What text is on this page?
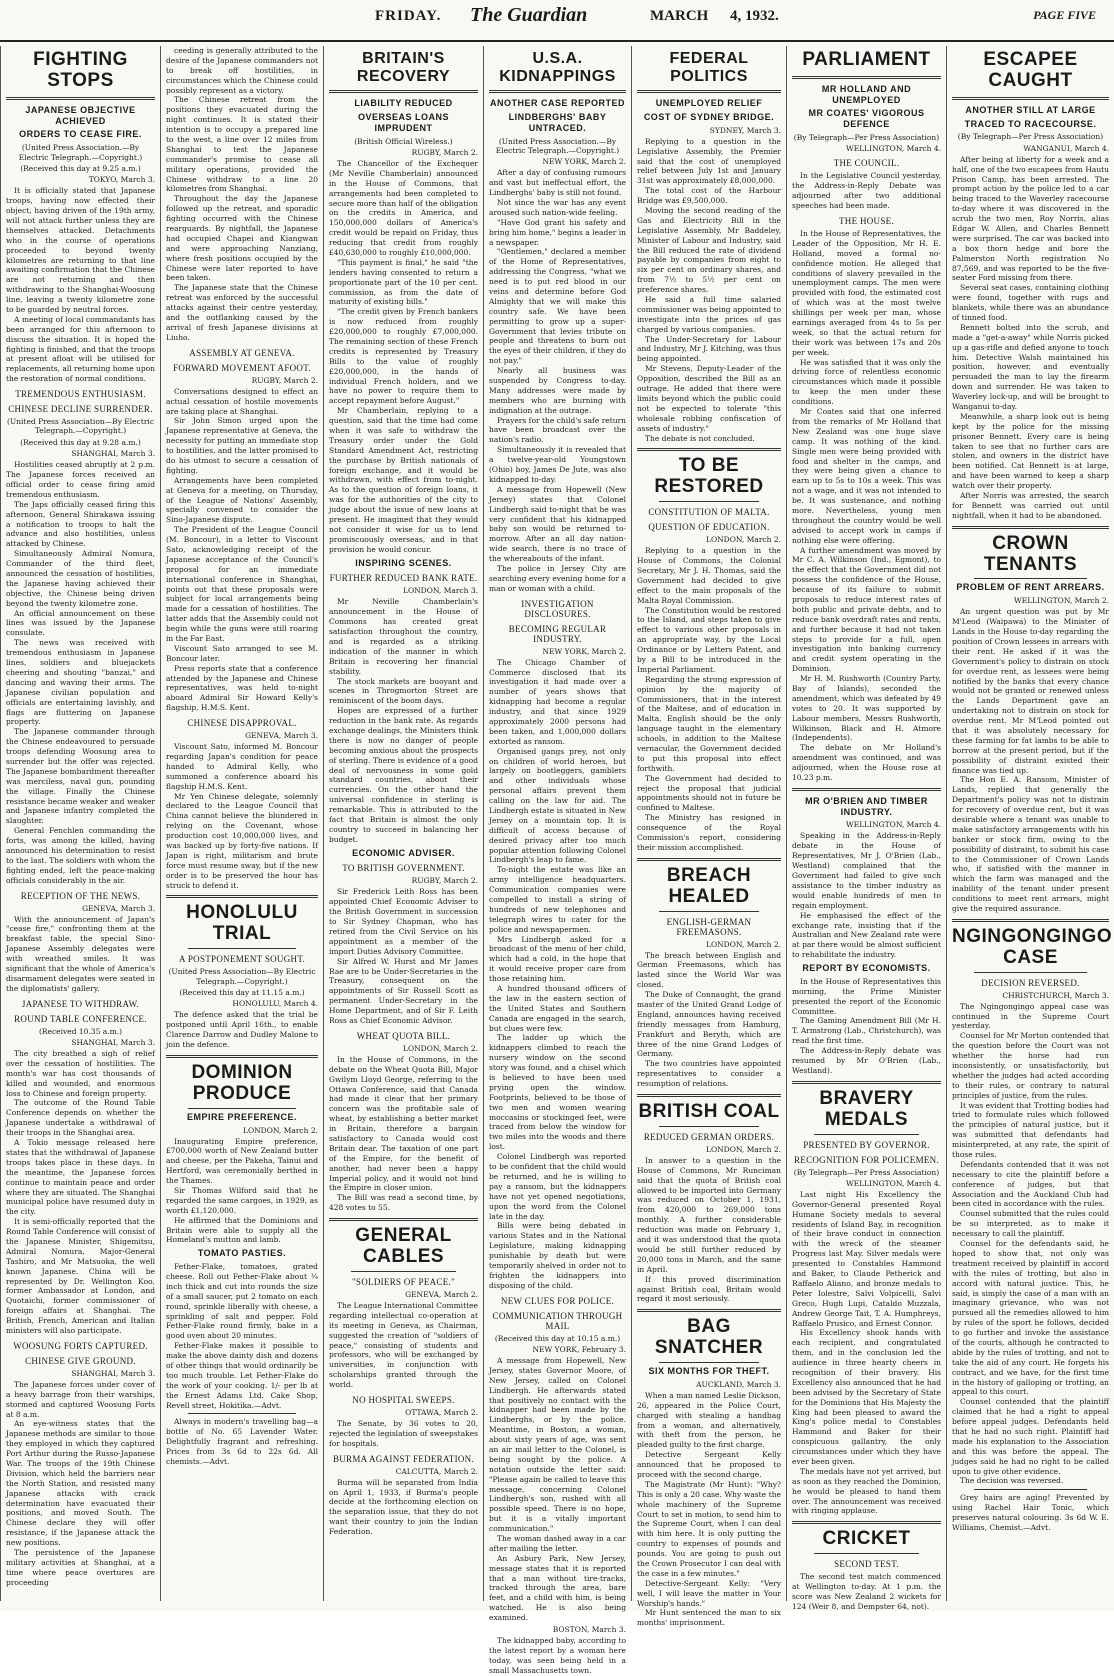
FRIDAY. The Guardian	MARCH 4, 1932.	PAGE FIVE
FIGHTING STOPS
JAPANESE OBJECTIVE ACHIEVED
ORDERS TO CEASE FIRE.
(United Press Association.—By Electric Telegraph.—Copyright.)
(Received this day at 9.25 a.m.)
TOKYO, March 3.

It is officially stated that Japanese troops, having now effected their object, having driven of the 19th army, will not attack further unless they are themselves attacked. Detachments who in the course of operations proceeded to beyond twenty kilometres are returning to that line awaiting confirmation that the Chinese are not returning and then withdrawing to the Shanghai-Woosung line, leaving a twenty kilometre zone to be guarded by neutral forces.

A meeting of local commandants has been arranged for this afternoon to discuss the situation. It is hoped the fighting is finished, and that the troops at present afloat will be utilised for replacements, all returning home upon the restoration of normal conditions.

TREMENDOUS ENTHUSIASM.
CHINESE DECLINE SURRENDER.
(United Press Association—By Electric Telegraph.—Copyright.)
(Received this day at 9.28 a.m.)
SHANGHAI, March 3.

Hostilities ceased abruptly at 2 p.m. The Japanese forces received an official order to cease firing amid tremendous enthusiasm.

The Japs officially ceased firing this afternoon, General Shirakawa issuing a notification to troops to halt the advance and also hostilities, unless attacked by Chinese.

Simultaneously Admiral Nomura, Commander of the third fleet, announced the cessation of hostilities, the Japanese having achieved their objective, the Chinese being driven beyond the twenty kilometre zone.

An official announcement on these lines was issued by the Japanese consulate.

The news was received with tremendous enthusiasm in Japanese lines, soldiers and bluejackets cheering and shouting "banzai," and dancing and waving their arms. The Japanese civilian population and officials are entertaining lavishly, and flags are fluttering on Japanese property.

The Japanese commander through the Chinese endeavoured to persuade troops defending Woosung area to surrender but the offer was rejected. The Japanese bombardment thereafter was merciless, naval gun, pounding the village. Finally the Chinese resistance became weaker and weaker and Japanese infantry completed the slaughter.

General Fenchlen commanding the forts, was among the killed, having announced his determination to resist to the last. The soldiers with whom the fighting ended, left the peace-making officials considerably in the air.

RECEPTION OF THE NEWS.
GENEVA, March 3.

With the announcement of Japan's "cease fire," confronting them at the breakfast table, the special Sino-Japanese Assembly delegates were with wreathed smiles. It was significant that the whole of America's disarmament delegates were seated in the diplomatists' gallery.

JAPANESE TO WITHDRAW.
ROUND TABLE CONFERENCE.
(Received 10.35 a.m.)
SHANGHAI, March 3.

The city breathed a sigh of relief over the cessation of hostilities. The month's war has cost thousands of killed and wounded, and enormous loss to Chinese and foreign property.

The outcome of the Round Table Conference depends on whether the Japanese undertake a withdrawal of their troops in the Shanghai area.

A Tokio message released here states that the withdrawal of Japanese troops takes place in these days. In the meantime, the Japanese forces continue to maintain peace and order where they are situated. The Shanghai municipal police have resumed duty in the city.

It is semi-officially reported that the Round Table Conference will consist of the Japanese Minister, Shigemitsu, Admiral Nomura, Major-General Tashiro, and Mr Matsuoka, the well known Japanese. China will be represented by Dr. Wellington Koo, former Ambassador at London, and Quotaichi, former commissioner of foreign affairs at Shanghai. The British, French, American and Italian ministers will also participate.

WOOSUNG FORTS CAPTURED.
CHINESE GIVE GROUND.
SHANGHAI, March 3.

The Japanese forces under cover of a heavy barrage from their warships, stormed and captured Woosung Forts at 8 a.m.

An eye-witness states that the Japanese methods are similar to those they employed in which they captured Port Arthur during the Russo-Japanese War. The troops of the 19th Chinese Division, which held the barriers near the North Station, and resisted many Japanese attacks with crack determination have evacuated their positions, and moved South. The Chinese declare they will offer resistance, if the Japanese attack the new positions.

The persistence of the Japanese military activities at Shanghai, at a time where peace overtures are proceeding

ceeding is generally attributed to the desire of the Japanese commanders not to break off hostilities, in circumstances which the Chinese could possibly represent as a victory.

The Chinese retreat from the positions they evacuated during the night continues. It is stated their intention is to occupy a prepared line to the west, a line over 12 miles from Shanghai to test the Japanese commander's promise to cease all military operations, provided the Chinese withdraw to a line 20 kilometres from Shanghai.

Throughout the day the Japanese followed up the retreat, and sporadic fighting occurred with the Chinese rearguards. By nightfall, the Japanese had occupied Chapei and Kiangwan and were approaching Nanziang, where fresh positions occupied by the Chinese were later reported to have been taken.

The Japanese state that the Chinese retreat was enforced by the successful attacks against their centre yesterday, and the outflanking caused by the arrival of fresh Japanese divisions at Liuho.

ASSEMBLY AT GENEVA.
FORWARD MOVEMENT AFOOT.
RUGBY, March 2.

Conversations designed to effect an actual cessation of hostile movements are taking place at Shanghai.

Sir John Simon urged upon the Japanese representative at Geneva, the necessity for putting an immediate stop to hostilities, and the latter promised to do his utmost to secure a cessation of fighting.

Arrangements have been completed at Geneva for a meeting, on Thursday, of the League of Nations' Assembly, specially convened to consider the Sino-Japanese dispute.

The President of the League Council (M. Boncour), in a letter to Viscount Sato, acknowledging receipt of the Japanese acceptance of the Council's proposal for an immediate international conference in Shanghai, points out that these proposals were subject for local arrangements being made for a cessation of hostilities. The latter adds that the Assembly could not begin while the guns were still roaring in the Far East.

Viscount Sato arranged to see M. Boncour later.

Press reports state that a conference attended by the Japanese and Chinese representatives, was held to-night aboard Admiral Sir Howard Kelly's flagship, H.M.S. Kent.

CHINESE DISAPPROVAL.
GENEVA, March 3.

Viscount Sato, informed M. Boncour regarding Japan's condition for peace handed to Admiral Kelly, who summoned a conference aboard his flagship H.M.S. Kent.

Mr Yen Chinese delegate, solemnly declared to the League Council that China cannot believe the blundered in relying on the Covenant, whose production cost 10,000,000 lives, and was backed up by forty-five nations. If Japan is right, militarism and brute force must resume sway, but if the new order is to be preserved the hour has struck to defend it.

HONOLULU TRIAL
A POSTPONEMENT SOUGHT.
(United Press Association—By Electric Telegraph.—Copyright.)
(Received this day at 11.15 a.m.)
HONOLULU, March 4.

The defence asked that the trial be postponed until April 16th., to enable Clarence Darrow and Dudley Malone to join the defence.

DOMINION PRODUCE
EMPIRE PREFERENCE.
LONDON, March 2.

Inaugurating Empire preference, £700,000 worth of New Zealand butter and cheese, per the Pakeha, Tainui and Hertford, was ceremonially berthed in the Thames.

Sir Thomas Wilford said that he regarded the same cargoes, in 1929, as worth £1,120,000.

He affirmed that the Dominions and Britain were able to supply all the Homeland's mutton and lamb.

TOMATO PASTIES.

Fether-Flake, tomatoes, grated cheese. Roll out Fether-Flake about ¼ inch thick and cut into rounds the size of a small saucer, put 2 tomato on each round, sprinkle liberally with cheese, a sprinkling of salt and pepper. Fold Fether-Flake round firmly, bake in a good oven about 20 minutes.

Fether-Flake makes it possible to make the above dainty dish and dozens of other things that would ordinarily be too much trouble. Let Fether-Flake do the work of your cooking. 1/- per lb at the Ernest Adams Ltd. Cake Shop, Revell street, Hokitika.—Advt.

Always in modern's travelling bag—a bottle of No. 65 Lavender Water. Delightfully fragrant and refreshing. Prices from 3s 6d to 22s 6d. All chemists.—Advt.

BRITAIN'S RECOVERY
LIABILITY REDUCED
OVERSEAS LOANS IMPRUDENT
(British Official Wireless.)
RUGBY, March 2.

The Chancellor of the Exchequer (Mr Neville Chamberlain) announced in the House of Commons, that arrangements had been completed to secure more than half of the obligation on the credits in America, and 150,000,000 dollars of America's credit would be repaid on Friday, thus reducing that credit from roughly £40,630,000 to roughly £10,000,000.

"This payment is final," he said "the lenders having consented to return a proportionate part of the 10 per cent. commission, as from the date of maturity of existing bills."

"The credit given by French bankers is now reduced from roughly £20,000,000 to roughly £7,000,000. The remaining section of these French credits is represented by Treasury Bills to the value of roughly £20,000,000, in the hands of individual French holders, and we have no power to require them to accept repayment before August."

Mr Chamberlain, replying to a question, said that the time had come when it was safe to withdraw the Treasury order under the Gold Standard Amendment Act, restricting the purchase by British nationals of foreign exchange, and it would be withdrawn, with effect from to-night. As to the question of foreign loans, it was for the authorities of the city to judge about the issue of new loans at present. He imagined that they would not consider it wise for us to lend promiscuously overseas, and in that provision he would concur.

INSPIRING SCENES.
FURTHER REDUCED BANK RATE.
LONDON, March 3.

Mr Neville Chamberlain's announcement in the House of Commons has created great satisfaction throughout the country, and is regarded as a striking indication of the manner in which Britain is recovering her financial stability.

The stock markets are buoyant and scenes in Throgmorton Street are reminiscent of the boom days.

Hopes are expressed of a further reduction in the bank rate. As regards exchange dealings, the Ministers think there is now no danger of people becoming anxious about the prospects of sterling. There is evidence of a good deal of nervousness in some gold standard countries, about their currencies. On the other hand the universal confidence in sterling is remarkable. This is attributed to the fact that Britain is almost the only country to succeed in balancing her budget.

ECONOMIC ADVISER.
TO BRITISH GOVERNMENT.
RUGBY, March 2.

Sir Frederick Leith Ross has been appointed Chief Economic Adviser to the British Government in succession to Sir Sydney Chapman, who has retired from the Civil Service on his appointment as a member of the import Duties Advisory Committee.

Sir Alfred W. Hurst and Mr James Rae are to be Under-Secretaries in the Treasury, consequent on the appointments of Sir Russell Scott as permanent Under-Secretary in the Home Department, and of Sir F. Leith Ross as Chief Economic Advisor.

WHEAT QUOTA BILL.
LONDON, March 2.

In the House of Commons, in the debate on the Wheat Quota Bill, Major Gwilym Lloyd George, referring to the Ottawa Conference, said that Canada had made it clear that her primary concern was the profitable sale of wheat, by establishing a better market in Britain, therefore a bargain satisfactory to Canada would cost Britain dear. The taxation of one part of the Empire, for the benefit of another, had never been a happy Imperial policy, and it would not bind the Empire in closer union.

The Bill was read a second time, by 428 votes to 55.

GENERAL CABLES
"SOLDIERS OF PEACE."
GENEVA, March 2.

The League International Committee regarding intellectual co-operation at its meeting in Geneva, as Chairman, suggested the creation of "soldiers of peace," consisting of students and professors, who will be exchanged by universities, in conjunction with scholarships granted through the world.

NO HOSPITAL SWEEPS.
OTTAWA, March 2.

The Senate, by 36 votes to 20, rejected the legislation of sweepstakes for hospitals.

BURMA AGAINST FEDERATION.
CALCUTTA, March 2.

Burma will be separated from India on April 1, 1933, if Burma's people decide at the forthcoming election on the separation issue, that they do not want their country to join the Indian Federation.

U.S.A. KIDNAPPINGS
ANOTHER CASE REPORTED
LINDBERGHS' BABY UNTRACED.
(United Press Association.—By Electric Telegraph.—Copyright.)
NEW YORK, March 2.

After a day of confusing rumours and vast but ineffectual effort, the Lindberghs' baby is still not found.

Not since the war has any event aroused such nation-wide feeling.

"Have God grant his safety and bring him home," begins a leader in a newspaper.

"Gentlemen," declared a member of the Home of Representatives, addressing the Congress, "what we need is to put red blood in our veins and determine before God Almighty that we will make this country safe. We have been permitting to grow up a super-Government that levies tribute on people and threatens to burn out the eyes of their children, if they do not pay."

Nearly all business was suspended by Congress to-day. Many addresses were made by members who are burning with indignation at the outrage.

Prayers for the child's safe return have been broadcast over the nation's radio.

Simultaneously it is revealed that a twelve-year-old Youngstown (Ohio) boy, James De Jute, was also kidnapped to-day.

A message from Hopewell (New Jersey) states that Colonel Lindbergh said to-night that he was very confident that his kidnapped baby son would be returned to-morrow. After an all day nation-wide search, there is no trace of the whereabouts of the infant.

The police in Jersey City are searching every evening home for a man or woman with a child.

INVESTIGATION DISCLOSURES.
BECOMING REGULAR INDUSTRY.
NEW YORK, March 2.

The Chicago Chamber of Commerce disclosed that its investigation it had made over a number of years shows that kidnapping had become a regular industry, and that since 1929 approximately 2000 persons had been taken, and 1,000,000 dollars extorted as ransom.

Organised gangs prey, not only on children of world heroes, but largely on bootleggers, gamblers and other individuals whose personal affairs prevent them calling on the law for aid. The Lindbergh estate is situated in New Jersey on a mountain top. It is difficult of access because of desired privacy after too much popular attention following Colonel Lindbergh's leap to fame.

To-night the estate was like an army intelligence headquarters. Communication companies were compelled to install a string of hundreds of new telephones and telegraph wires to cater for the police and newspapermen.

Mrs Lindbergh asked for a broadcast of the menu of her child, which had a cold, in the hope that it would receive proper care from those retaining him.

A hundred thousand officers of the law in the eastern section of the United States and Southern Canada are engaged in the search, but clues were few.

The ladder up which the kidnappers climbed to reach the nursery window on the second story was found, and a chisel which is believed to have been used prying open the window. Footprints, believed to be those of two men and women wearing moccasins or stockinged feet, were traced from below the window for two miles into the woods and there lost.

Colonel Lindbergh was reported to be confident that the child would be returned, and he is willing to pay a ransom, but the kidnappers have not yet opened negotiations, upon the word from the Colonel late in the day.

Bills were being debated in various States and in the National Legislature, making kidnapping punishable by death but were temporarily shelved in order not to frighten the kidnappers into disposing of the child.

NEW CLUES FOR POLICE.
COMMUNICATION THROUGH MAIL
(Received this day at 10.15 a.m.)
NEW YORK, February 3.

A message from Hopewell, New Jersey, states Governor Moore, of New Jersey, called on Colonel Lindbergh. He afterwards stated that positively no contact with the kidnapper had been made by the Lindberghs, or by the police. Meantime, in Boston, a woman, about sixty years of age, was sent an air mail letter to the Colonel, is being sought by the police. A notation outside the letter said: "Please again be called to leave this message, concerning Colonel Lindbergh's son, rushed with all possible speed. There is no hope, but it is a vitally important communication."

The woman dashed away in a car after mailing the letter.

An Asbury Park, New Jersey, message states that it is reported that a man without tire-tracks, tracked through the area, bare feet, and a child with him, is being watched. He is also being examined.

BOSTON, March 3.

The kidnapped baby, according to the latest report by a woman here today, was seen being held in a small Massachusetts town.

FEDERAL POLITICS
UNEMPLOYED RELIEF
COST OF SYDNEY BRIDGE.
SYDNEY, March 3.

Replying to a question in the Legislative Assembly, the Premier said that the cost of unemployed relief between July 1st and January 31st was approximately £8,000,000.

The total cost of the Harbour Bridge was £9,500,000.

Moving the second reading of the Gas and Electricity Bill in the Legislative Assembly, Mr Baddeley, Minister of Labour and Industry, said the Bill reduced the rate of dividend payable by companies from eight to six per cent on ordinary shares, and from 7½ to 5½ per cent on preference shares.

He said a full time salaried commissioner was being appointed to investigate into the prices of gas charged by various companies.

The Under-Secretary for Labour and Industry, Mr J. Kitching, was thus being appointed.

Mr Stevens, Deputy-Leader of the Opposition, described the Bill as an outrage. He added that there were limits beyond which the public could not be expected to tolerate "this wholesale robbing confiscation of assets of industry."

The debate is not concluded.

TO BE RESTORED
CONSTITUTION OF MALTA.
QUESTION OF EDUCATION.
LONDON, March 2.

Replying to a question in the House of Commons, the Colonial Secretary, Mr J. H. Thomas, said the Government had decided to give effect to the main proposals of the Malta Royal Commission.

The Constitution would be restored to the Island, and steps taken to give effect to various other proposals in an appropriate way, by the Local Ordinance or by Letters Patent, and by a Bill to be introduced in the Imperial Parliament.

Regarding the strong expression of opinion by the majority of Commissioners, that in the interest of the Maltese, and of education in Malta, English should be the only language taught in the elementary schools, in addition to the Maltese vernacular, the Government decided to put this proposal into effect forthwith.

The Government had decided to reject the proposal that judicial appointments should not in future be confined to Maltese.

The Ministry has resigned in consequence of the Royal Commission's report, considering their mission accomplished.

BREACH HEALED
ENGLISH-GERMAN FREEMASONS.
LONDON, March 2.

The breach between English and German Freemasons, which has lasted since the World War was closed.

The Duke of Connaught, the grand master of the United Grand Lodge of England, announces having received friendly messages from Hamburg, Frankfurt and Beryth, which are three of the nine Grand Lodges of Germany.

The two countries have appointed representatives to consider a resumption of relations.

BRITISH COAL
REDUCED GERMAN ORDERS.
LONDON, March 2.

In answer to a question in the House of Commons, Mr Runciman said that the quota of British coal allowed to be imported into Germany was reduced on October 1, 1931, from 420,000 to 269,000 tons monthly. A further considerable reduction was made on February 1, and it was understood that the quota would be still further reduced by 20,000 tons in March, and the same in April.

If this proved discrimination against British coal, Britain would regard it most seriously.

BAG SNATCHER
SIX MONTHS FOR THEFT.
AUCKLAND, March 3.

When a man named Leslie Dickson, 26, appeared in the Police Court, charged with stealing a handbag from a woman, and alternatively, with theft from the person, he pleaded guilty to the first charge.

Detective Sergeant Kelly announced that he proposed to proceed with the second charge.

The Magistrate (Mr Hunt): "Why? This is only a 20 case. Why waste the whole machinery of the Supreme Court to set in motion, to send him to the Supreme Court, when I can deal with him here. It is only putting the country to expenses of pounds and pounds. You are going to push out the Crown Prosecutor I can deal with the case in a few minutes."

Detective-Sergeant Kelly: "Very well, I will leave the matter in Your Worship's hands."

Mr Hunt sentenced the man to six months' imprisonment.

PARLIAMENT
MR HOLLAND AND UNEMPLOYED
MR COATES' VIGOROUS DEFENCE
(By Telegraph—Per Press Association)
WELLINGTON, March 4.
THE COUNCIL.

In the Legislative Council yesterday, the Address-in-Reply Debate was adjourned after two additional speeches had been made.

THE HOUSE.

In the House of Representatives, the Leader of the Opposition, Mr H. E. Holland, moved a formal no-confidence motion. He alleged that conditions of slavery prevailed in the unemployment camps. The men were provided with food, the estimated cost of which was at the most twelve shillings per week per man, whose earnings averaged from 4s to 5s per week, so that the actual return for their work was between 17s and 20s per week.

He was satisfied that it was only the driving force of relentless economic circumstances which made it possible to keep the men under these conditions.

Mr Coates said that one inferred from the remarks of Mr Holland that New Zealand was one huge slave camp. It was nothing of the kind. Single men were being provided with food and shelter in the camps, and they were being given a chance to earn up to 5s to 10s a week. This was not a wage, and it was not intended to be. It was sustenance, and nothing more. Nevertheless, young men throughout the country would be well advised to accept work in camps if nothing else were offering.

A further amendment was moved by Mr C. A. Wilkinson (Ind., Egmont), to the effect that the Government did not possess the confidence of the House, because of its failure to submit proposals to reduce interest rates of both public and private debts, and to reduce bank overdraft rates and rents, and further because it had not taken steps to provide for a full, open investigation into banking currency and credit system operating in the Dominion.

Mr H. M. Rushworth (Country Party, Bay of Islands), seconded the amendment, which was defeated by 49 votes to 20. It was supported by Labour members, Messrs Rushworth, Wilkinson, Black and H. Atmore (Independents).

The debate on Mr Holland's amendment was continued, and was adjourned, when the House rose at 10.23 p.m.

MR O'BRIEN AND TIMBER INDUSTRY.
WELLINGTON, March 4.

Speaking in the Address-in-Reply debate in the House of Representatives, Mr J. O'Brien (Lab., Westland) complained that the Government had failed to give such assistance to the timber industry as would enable hundreds of men to regain employment.

He emphasised the effect of the exchange rate, insisting that if the Australian and New Zealand rate were at par there would be almost sufficient to rehabilitate the industry.

REPORT BY ECONOMISTS.

In the House of Representatives this morning, the Prime Minister presented the report of the Economic Committee.

The Gaming Amendment Bill (Mr H. T. Armstrong (Lab., Christchurch), was read the first time.

The Address-in-Reply debate was resumed by Mr O'Brien (Lab., Westland).

BRAVERY MEDALS
PRESENTED BY GOVERNOR.
RECOGNITION FOR POLICEMEN.
(By Telegraph—Per Press Association)
WELLINGTON, March 4.

Last night His Excellency the Governor-General presented Royal Humane Society medals to several residents of Island Bay, in recognition of their brave conduct in connection with the wreck of the steamer Progress last May. Silver medals were presented to Constables Hammond and Baker, to Claude Petherick and Raffaelo Aliano, and bronze medals to Peter Iolestre, Salvi Volpicelli, Salvi Greco, Hugh Lupi, Cataldo Muzzala, Andrew George Tait, T. A. Humphreys, Raffaelo Prusico, and Ernest Connor.

His Excellency shook hands with each recipient, and congratulated them, and in the conclusion led the audience in three hearty cheers in recognition of their bravery. His Excellency also announced that he had been advised by the Secretary of State for the Dominions that His Majesty the King had been pleased to award the King's police medal to Constables Hammond and Baker for their conspicuous gallantry, the only circumstances under which they have ever been given.

The medals have not yet arrived, but as soon as they reached the Dominion, he would be pleased to hand them over. The announcement was received with ringing applause.

CRICKET
SECOND TEST.

The second test match commenced at Wellington to-day. At 1 p.m. the score was New Zealand 2 wickets for 124 (Weir 8, and Dempster 64, not).

ESCAPEE CAUGHT
ANOTHER STILL AT LARGE
TRACED TO RACECOURSE.
(By Telegraph—Per Press Association)
WANGANUI, March 4.

After being at liberty for a week and a half, one of the two escapees from Hautu Prison Camp, has been arrested. The prompt action by the police led to a car being traced to the Waverley racecourse to-day where it was discovered in the scrub the two men, Roy Norris, alias Edgar W. Allen, and Charles Bennett were surprised. The car was backed into a box thorn hedge and bore the Palmerston North registration No 87,569, and was reported to be the five-seater Ford missing from there.

Several seat cases, containing clothing were found, together with rugs and blankets, while there was an abundance of tinned food.

Bennett bolted into the scrub, and made a "get-a-away" while Norris picked up a gas-rifle and defied anyone to touch him. Detective Walsh maintained his position, however, and eventually persuaded the man to lay the firearm down and surrender. He was taken to Waverley lock-up, and will be brought to Wanganui to-day.

Meanwhile, a sharp look out is being kept by the police for the missing prisoner Bennett. Every care is being taken to see that no further cars are stolen, and owners in the district have been notified. Cat Bennett is at large, and have been warned to keep a sharp watch over their property.

After Norris was arrested, the search for Bennett was carried out until nightfall, when it had to be abandoned.

CROWN TENANTS
PROBLEM OF RENT ARREARS.
WELLINGTON, March 2.

An urgent question was put by Mr M'Leod (Waipawa) to the Minister of Lands in the House to-day regarding the position of Crown lessees in arrears with their rent. He asked if it was the Government's policy to distrain on stock for overdue rent, as lessees were being notified by the banks that every chance would not be granted or renewed unless the Lands Department gave an undertaking not to distrain on stock for overdue rent. Mr M'Leod pointed out that it was absolutely necessary for these farming for fat lambs to be able to borrow at the present period, but if the possibility of distraint existed their finance was tied up.

The Hon E. A. Ransom, Minister of Lands, replied that generally the Department's policy was not to distrain for recovery of overdue rent, but it was desirable where a tenant was unable to make satisfactory arrangements with his banker or stock firm, owing to the possibility of distraint, to submit his case to the Commissioner of Crown Lands who, if satisfied with the manner in which the farm was managed and the inability of the tenant under present conditions to meet rent arrears, might give the required assurance.

NGINGONGINGO CASE
DECISION REVERSED.
CHRISTCHURCH, March 3.

The Ngingongingo appeal case was continued in the Supreme Court yesterday.

Counsel for Mr Morton contended that the question before the Court was not whether the horse had run inconsistently, or unsatisfactorily, but whether the judges had acted according to their rules, or contrary to natural principles of justice, from the rules.

It was evident that Trotting bodies had tried to formulate rules which followed the principles of natural justice, but it was submitted that defendants had misinterpreted, at any rate, the spirit of those rules.

Defendants contended that it was not necessary to cite the plaintiff before a conference of judges, but that Association and the Auckland Club had been cited in accordance with the rules.

Counsel submitted that the rules could be so interpreted, as to make it necessary to call the plaintiff.

Counsel for the defendants said, he hoped to show that, not only was treatment received by plaintiff in accord with the rules of trotting, but also in accord with natural justice. This, he said, is simply the case of a man with an imaginary grievance, who was not pursued all the remedies allowed to him by rules of the sport he follows, decided to go further and invoke the assistance of the courts, although he contracted to abide by the rules of trotting, and not to take the aid of any court. He forgets his contract, and we have, for the first time in the history of galloping or trotting, an appeal to this court.

Counsel contended that the plaintiff claimed that he had a right to appeal before appeal judges. Defendants held that he had no such right. Plaintiff had made his explanation to the Association and this was before the appeal. The judges said he had no right to be called upon to give other evidence.

The decision was reversed.

Grey hairs are aging! Prevented by using Rachel Hair Tonic, which preserves natural colouring. 3s 6d W. E. Williams, Chemist.—Advt.
